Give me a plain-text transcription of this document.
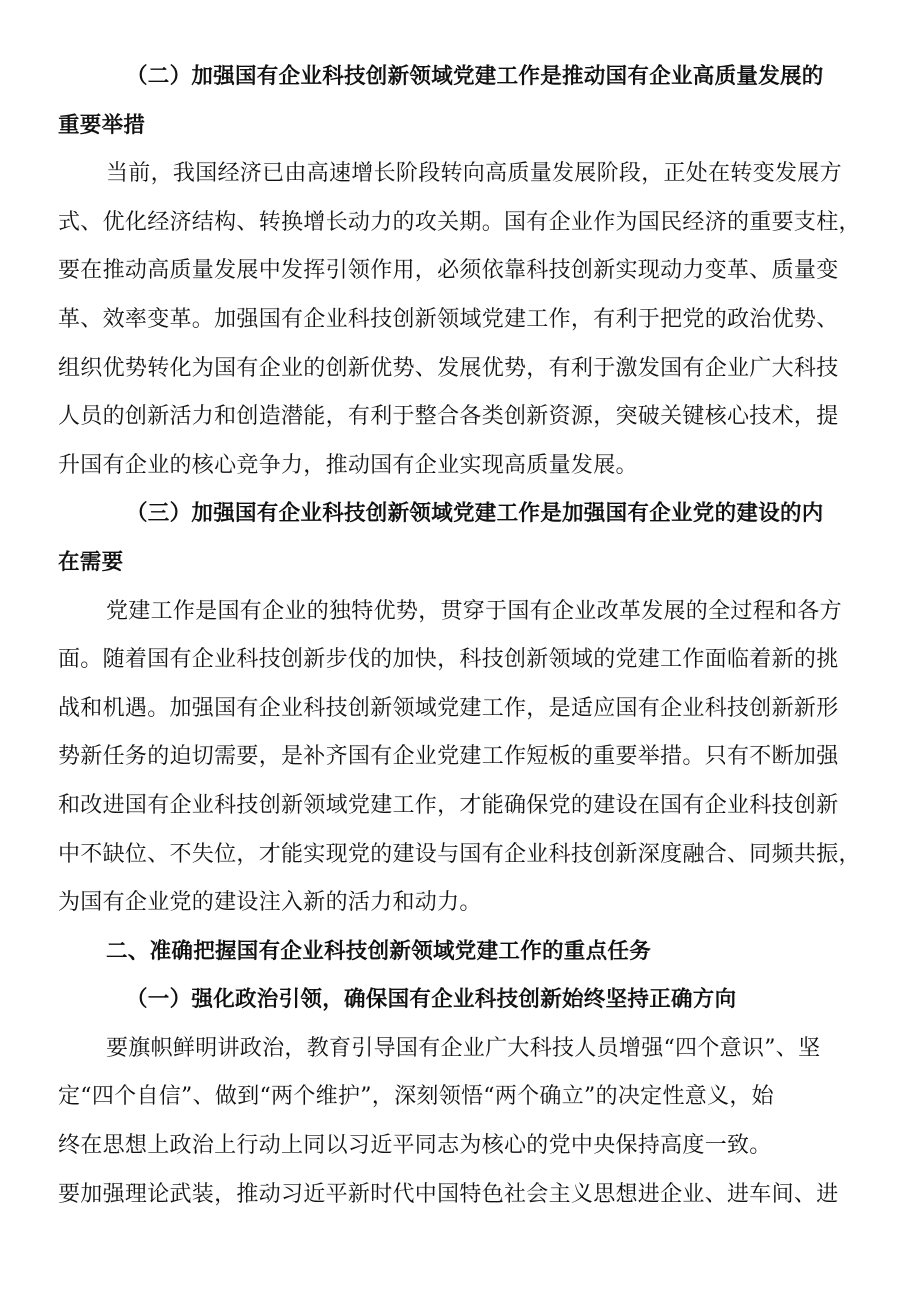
（二）加强国有企业科技创新领域党建工作是推动国有企业高质量发展的
重要举措
当前，我国经济已由高速增长阶段转向高质量发展阶段，正处在转变发展方
式、优化经济结构、转换增长动力的攻关期。国有企业作为国民经济的重要支柱，
要在推动高质量发展中发挥引领作用，必须依靠科技创新实现动力变革、质量变
革、效率变革。加强国有企业科技创新领域党建工作，有利于把党的政治优势、
组织优势转化为国有企业的创新优势、发展优势，有利于激发国有企业广大科技
人员的创新活力和创造潜能，有利于整合各类创新资源，突破关键核心技术，提
升国有企业的核心竞争力，推动国有企业实现高质量发展。
（三）加强国有企业科技创新领域党建工作是加强国有企业党的建设的内
在需要
党建工作是国有企业的独特优势，贯穿于国有企业改革发展的全过程和各方
面。随着国有企业科技创新步伐的加快，科技创新领域的党建工作面临着新的挑
战和机遇。加强国有企业科技创新领域党建工作，是适应国有企业科技创新新形
势新任务的迫切需要，是补齐国有企业党建工作短板的重要举措。只有不断加强
和改进国有企业科技创新领域党建工作，才能确保党的建设在国有企业科技创新
中不缺位、不失位，才能实现党的建设与国有企业科技创新深度融合、同频共振，
为国有企业党的建设注入新的活力和动力。
二、准确把握国有企业科技创新领域党建工作的重点任务
（一）强化政治引领，确保国有企业科技创新始终坚持正确方向
要旗帜鲜明讲政治，教育引导国有企业广大科技人员增强“四个意识”、坚
定“四个自信”、做到“两个维护”，深刻领悟“两个确立”的决定性意义，始
终在思想上政治上行动上同以习近平同志为核心的党中央保持高度一致。
要加强理论武装，推动习近平新时代中国特色社会主义思想进企业、进车间、进
